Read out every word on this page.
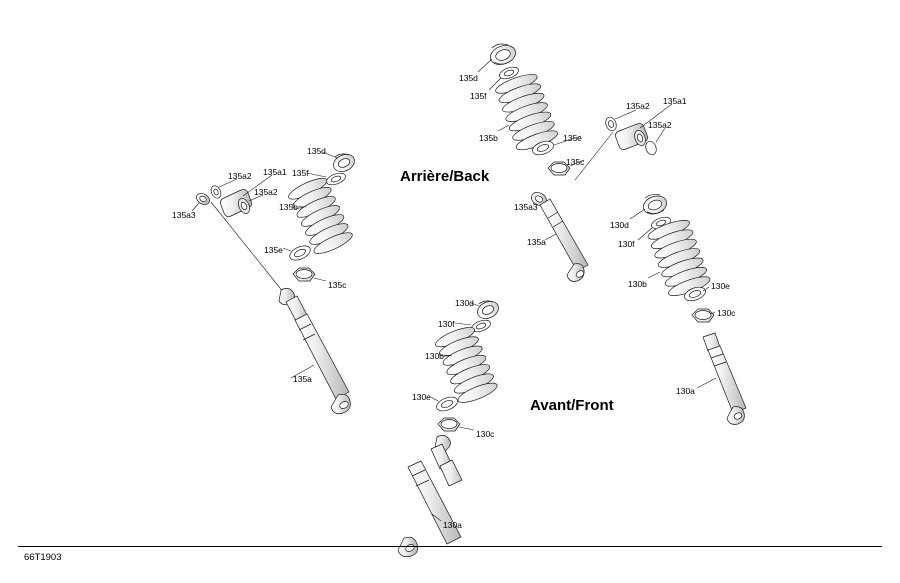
Arrière/Back
Avant/Front
135d
135f
135b	135e
135c
135a2 135a1
135a2
135a3
135a
130d
130f
130b	130e
130c
130a
135d
135a1 135f
135a2
135a2
135b
135a3
135e
135c
135a
130d
130f
130b
130e
130c
130a
66T1903
